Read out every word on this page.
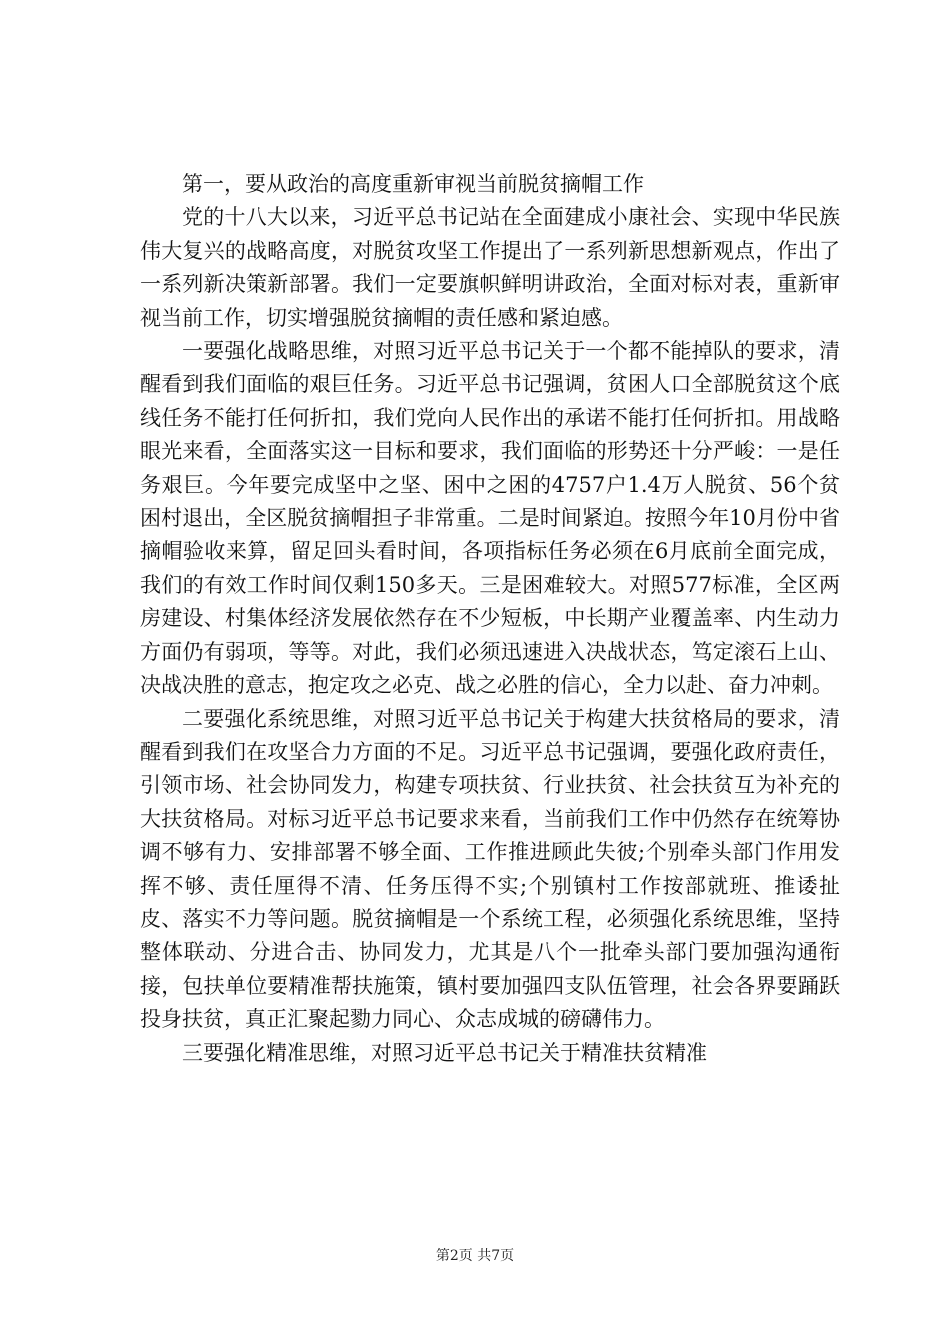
第一，要从政治的高度重新审视当前脱贫摘帽工作

党的十八大以来，习近平总书记站在全面建成小康社会、实现中华民族伟大复兴的战略高度，对脱贫攻坚工作提出了一系列新思想新观点，作出了一系列新决策新部署。我们一定要旗帜鲜明讲政治，全面对标对表，重新审视当前工作，切实增强脱贫摘帽的责任感和紧迫感。

一要强化战略思维，对照习近平总书记关于一个都不能掉队的要求，清醒看到我们面临的艰巨任务。习近平总书记强调，贫困人口全部脱贫这个底线任务不能打任何折扣，我们党向人民作出的承诺不能打任何折扣。用战略眼光来看，全面落实这一目标和要求，我们面临的形势还十分严峻：一是任务艰巨。今年要完成坚中之坚、困中之困的4757户1.4万人脱贫、56个贫困村退出，全区脱贫摘帽担子非常重。二是时间紧迫。按照今年10月份中省摘帽验收来算，留足回头看时间，各项指标任务必须在6月底前全面完成，我们的有效工作时间仅剩150多天。三是困难较大。对照577标准，全区两房建设、村集体经济发展依然存在不少短板，中长期产业覆盖率、内生动力方面仍有弱项，等等。对此，我们必须迅速进入决战状态，笃定滚石上山、决战决胜的意志，抱定攻之必克、战之必胜的信心，全力以赴、奋力冲刺。

二要强化系统思维，对照习近平总书记关于构建大扶贫格局的要求，清醒看到我们在攻坚合力方面的不足。习近平总书记强调，要强化政府责任，引领市场、社会协同发力，构建专项扶贫、行业扶贫、社会扶贫互为补充的大扶贫格局。对标习近平总书记要求来看，当前我们工作中仍然存在统筹协调不够有力、安排部署不够全面、工作推进顾此失彼;个别牵头部门作用发挥不够、责任厘得不清、任务压得不实;个别镇村工作按部就班、推诿扯皮、落实不力等问题。脱贫摘帽是一个系统工程，必须强化系统思维，坚持整体联动、分进合击、协同发力，尤其是八个一批牵头部门要加强沟通衔接，包扶单位要精准帮扶施策，镇村要加强四支队伍管理，社会各界要踊跃投身扶贫，真正汇聚起勠力同心、众志成城的磅礴伟力。

三要强化精准思维，对照习近平总书记关于精准扶贫精准

第2页 共7页
